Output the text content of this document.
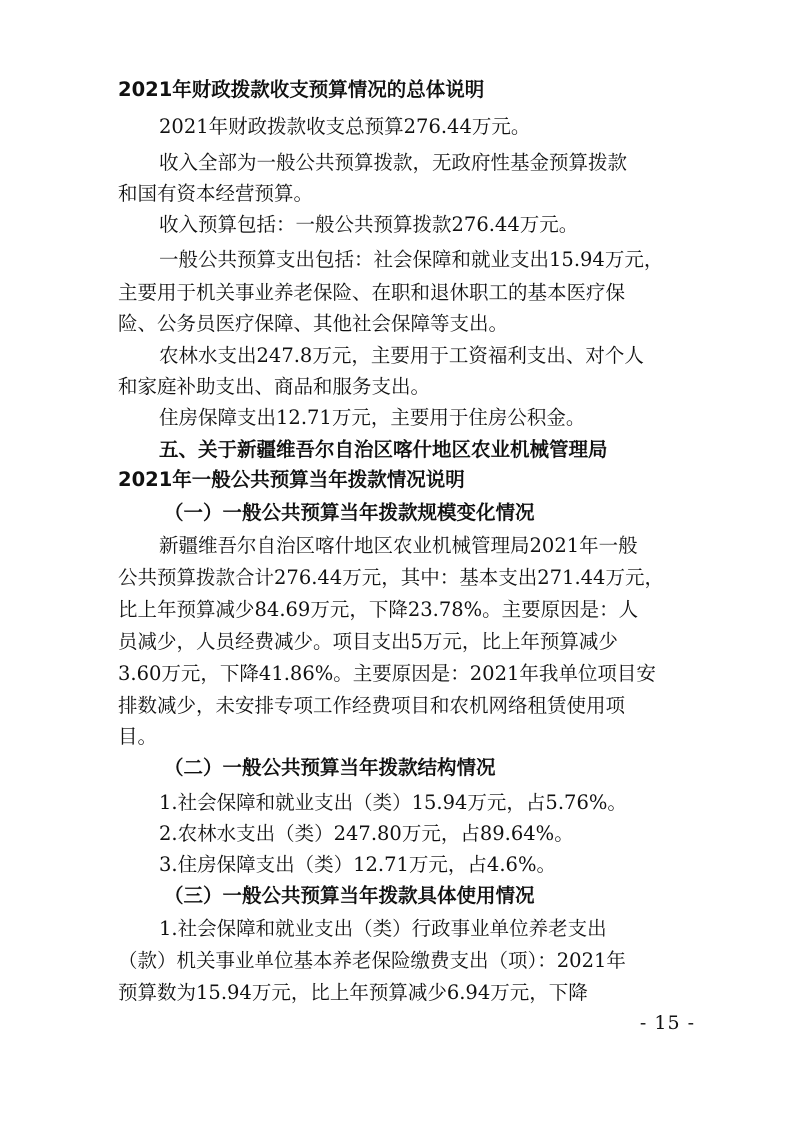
2021年财政拨款收支预算情况的总体说明
2021年财政拨款收支总预算276.44万元。
收入全部为一般公共预算拨款，无政府性基金预算拨款
和国有资本经营预算。
收入预算包括：一般公共预算拨款276.44万元。
一般公共预算支出包括：社会保障和就业支出15.94万元，
主要用于机关事业养老保险、在职和退休职工的基本医疗保
险、公务员医疗保障、其他社会保障等支出。
农林水支出247.8万元，主要用于工资福利支出、对个人
和家庭补助支出、商品和服务支出。
住房保障支出12.71万元，主要用于住房公积金。
五、关于新疆维吾尔自治区喀什地区农业机械管理局
2021年一般公共预算当年拨款情况说明
（一）一般公共预算当年拨款规模变化情况
新疆维吾尔自治区喀什地区农业机械管理局2021年一般
公共预算拨款合计276.44万元，其中：基本支出271.44万元，
比上年预算减少84.69万元，下降23.78%。主要原因是：人
员减少，人员经费减少。项目支出5万元，比上年预算减少
3.60万元，下降41.86%。主要原因是：2021年我单位项目安
排数减少，未安排专项工作经费项目和农机网络租赁使用项
目。
（二）一般公共预算当年拨款结构情况
1.社会保障和就业支出（类）15.94万元，占5.76%。
2.农林水支出（类）247.80万元，占89.64%。
3.住房保障支出（类）12.71万元，占4.6%。
（三）一般公共预算当年拨款具体使用情况
1.社会保障和就业支出（类）行政事业单位养老支出
（款）机关事业单位基本养老保险缴费支出（项）：2021年
预算数为15.94万元，比上年预算减少6.94万元，下降
- 15 -
